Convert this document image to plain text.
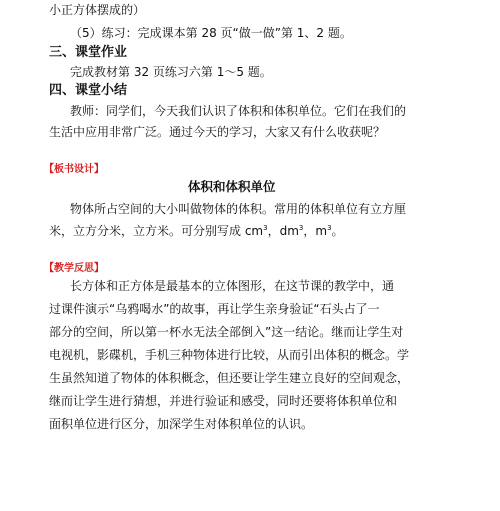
小正方体摆成的）
（5）练习：完成课本第 28 页“做一做”第 1、2 题。
三、课堂作业
完成教材第 32 页练习六第 1～5 题。
四、课堂小结
教师：同学们，今天我们认识了体积和体积单位。它们在我们的
生活中应用非常广泛。通过今天的学习，大家又有什么收获呢？
【板书设计】
体积和体积单位
物体所占空间的大小叫做物体的体积。常用的体积单位有立方厘
米，立方分米，立方米。可分别写成 $cm^3$，$dm^3$，$m^3$。
【教学反思】
长方体和正方体是最基本的立体图形，在这节课的教学中，通
过课件演示“乌鸦喝水”的故事，再让学生亲身验证“石头占了一
部分的空间，所以第一杯水无法全部倒入”这一结论。继而让学生对
电视机，影碟机，手机三种物体进行比较，从而引出体积的概念。学
生虽然知道了物体的体积概念，但还要让学生建立良好的空间观念，
继而让学生进行猜想，并进行验证和感受，同时还要将体积单位和
面积单位进行区分，加深学生对体积单位的认识。
